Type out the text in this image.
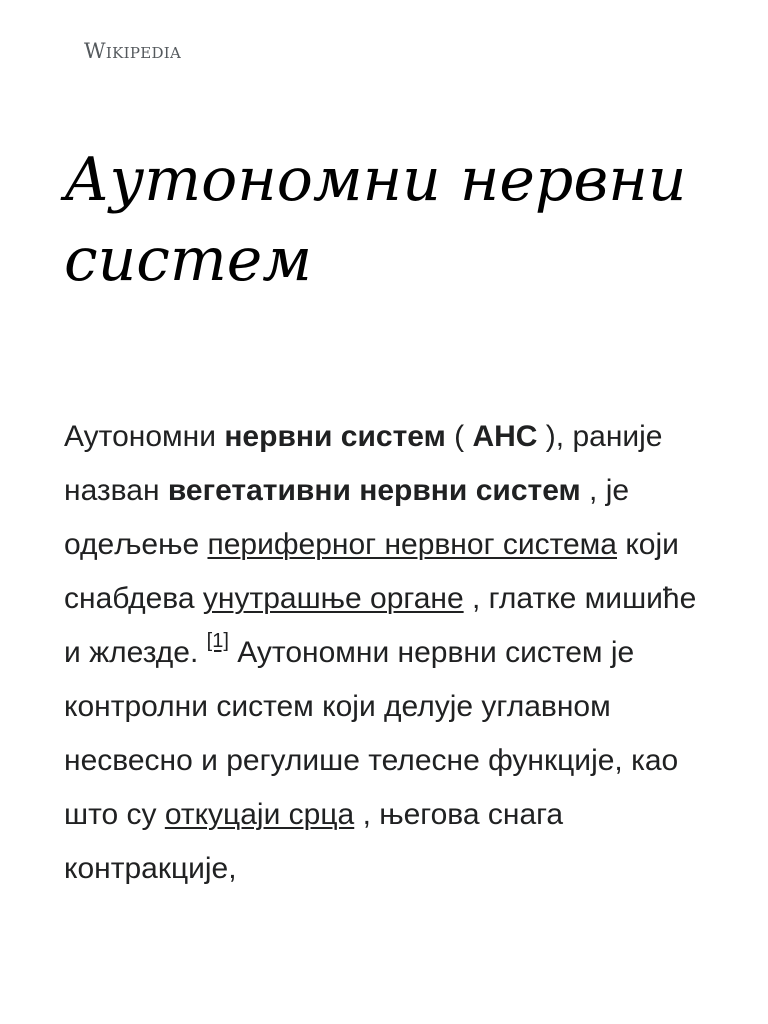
Wikipedia
Аутономни нервни систем

Аутономни нервни систем ( АНС ), раније назван вегетативни нервни систем , је одељење периферног нервног система који снабдева унутрашње органе , глатке мишиће и жлезде. [1] Аутономни нервни систем је контролни систем који делује углавном несвесно и регулише телесне функције, као што су откуцаји срца , његова снага контракције,
